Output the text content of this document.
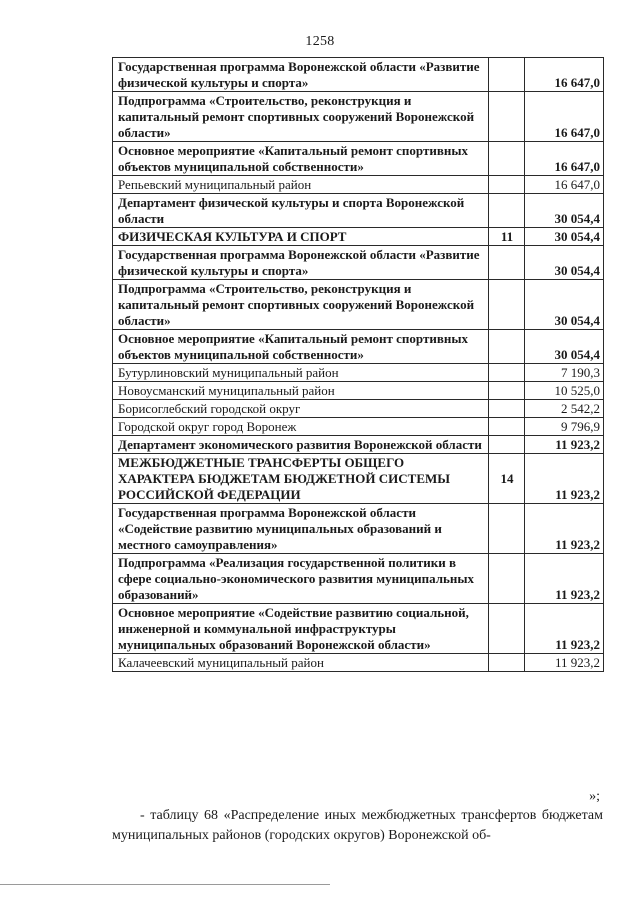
1258
Государственная программа Воронежской области «Развитие физической культуры и спорта»		16 647,0
Подпрограмма «Строительство, реконструкция и капитальный ремонт спортивных сооружений Воронежской области»		16 647,0
Основное мероприятие «Капитальный ремонт спортивных объектов муниципальной собственности»		16 647,0
Репьевский муниципальный район		16 647,0
Департамент физической культуры и спорта Воронежской области		30 054,4
ФИЗИЧЕСКАЯ КУЛЬТУРА И СПОРТ	11	30 054,4
Государственная программа Воронежской области «Развитие физической культуры и спорта»		30 054,4
Подпрограмма «Строительство, реконструкция и капитальный ремонт спортивных сооружений Воронежской области»		30 054,4
Основное мероприятие «Капитальный ремонт спортивных объектов муниципальной собственности»		30 054,4
Бутурлиновский муниципальный район		7 190,3
Новоусманский муниципальный район		10 525,0
Борисоглебский городской округ		2 542,2
Городской округ город Воронеж		9 796,9
Департамент экономического развития Воронежской области		11 923,2
МЕЖБЮДЖЕТНЫЕ ТРАНСФЕРТЫ ОБЩЕГО ХАРАКТЕРА БЮДЖЕТАМ БЮДЖЕТНОЙ СИСТЕМЫ РОССИЙСКОЙ ФЕДЕРАЦИИ	14	11 923,2
Государственная программа Воронежской области «Содействие развитию муниципальных образований и местного самоуправления»		11 923,2
Подпрограмма «Реализация государственной политики в сфере социально-экономического развития муниципальных образований»		11 923,2
Основное мероприятие «Содействие развитию социальной, инженерной и коммунальной инфраструктуры муниципальных образований Воронежской области»		11 923,2
Калачеевский муниципальный район		11 923,2
»;
- таблицу 68 «Распределение иных межбюджетных трансфертов бюджетам муниципальных районов (городских округов) Воронежской об-
